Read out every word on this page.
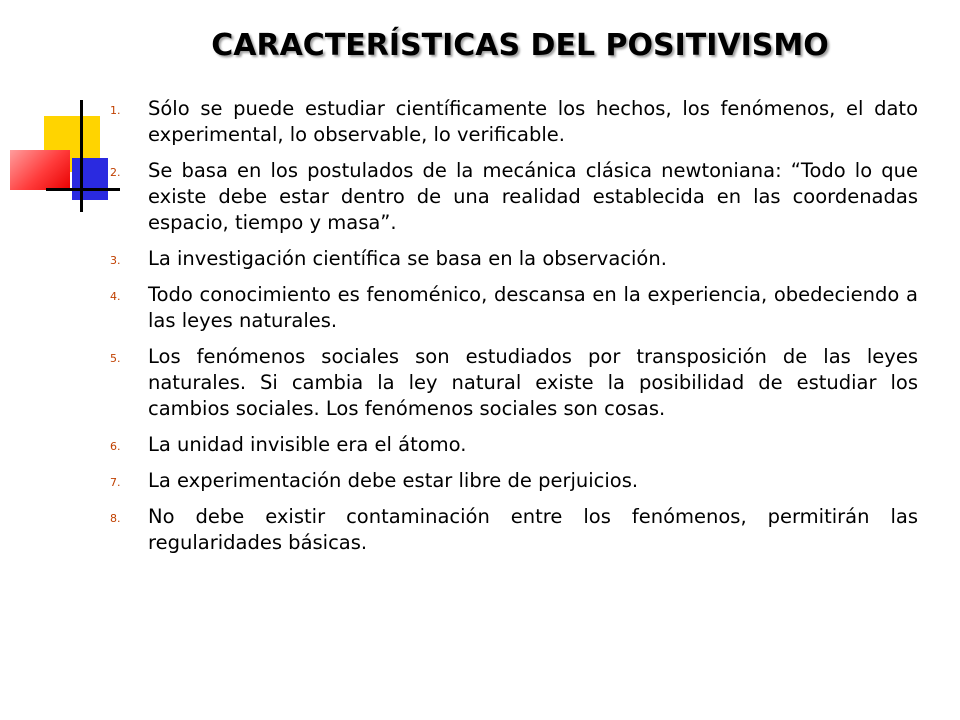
CARACTERÍSTICAS DEL POSITIVISMO
1. Sólo se puede estudiar científicamente los hechos, los fenómenos, el dato experimental, lo observable, lo verificable.
2. Se basa en los postulados de la mecánica clásica newtoniana: “Todo lo que existe debe estar dentro de una realidad establecida en las coordenadas espacio, tiempo y masa”.
3. La investigación científica se basa en la observación.
4. Todo conocimiento es fenoménico, descansa en la experiencia, obedeciendo a las leyes naturales.
5. Los fenómenos sociales son estudiados por transposición de las leyes naturales. Si cambia la ley natural existe la posibilidad de estudiar los cambios sociales. Los fenómenos sociales son cosas.
6. La unidad invisible era el átomo.
7. La experimentación debe estar libre de perjuicios.
8. No debe existir contaminación entre los fenómenos, permitirán las regularidades básicas.
